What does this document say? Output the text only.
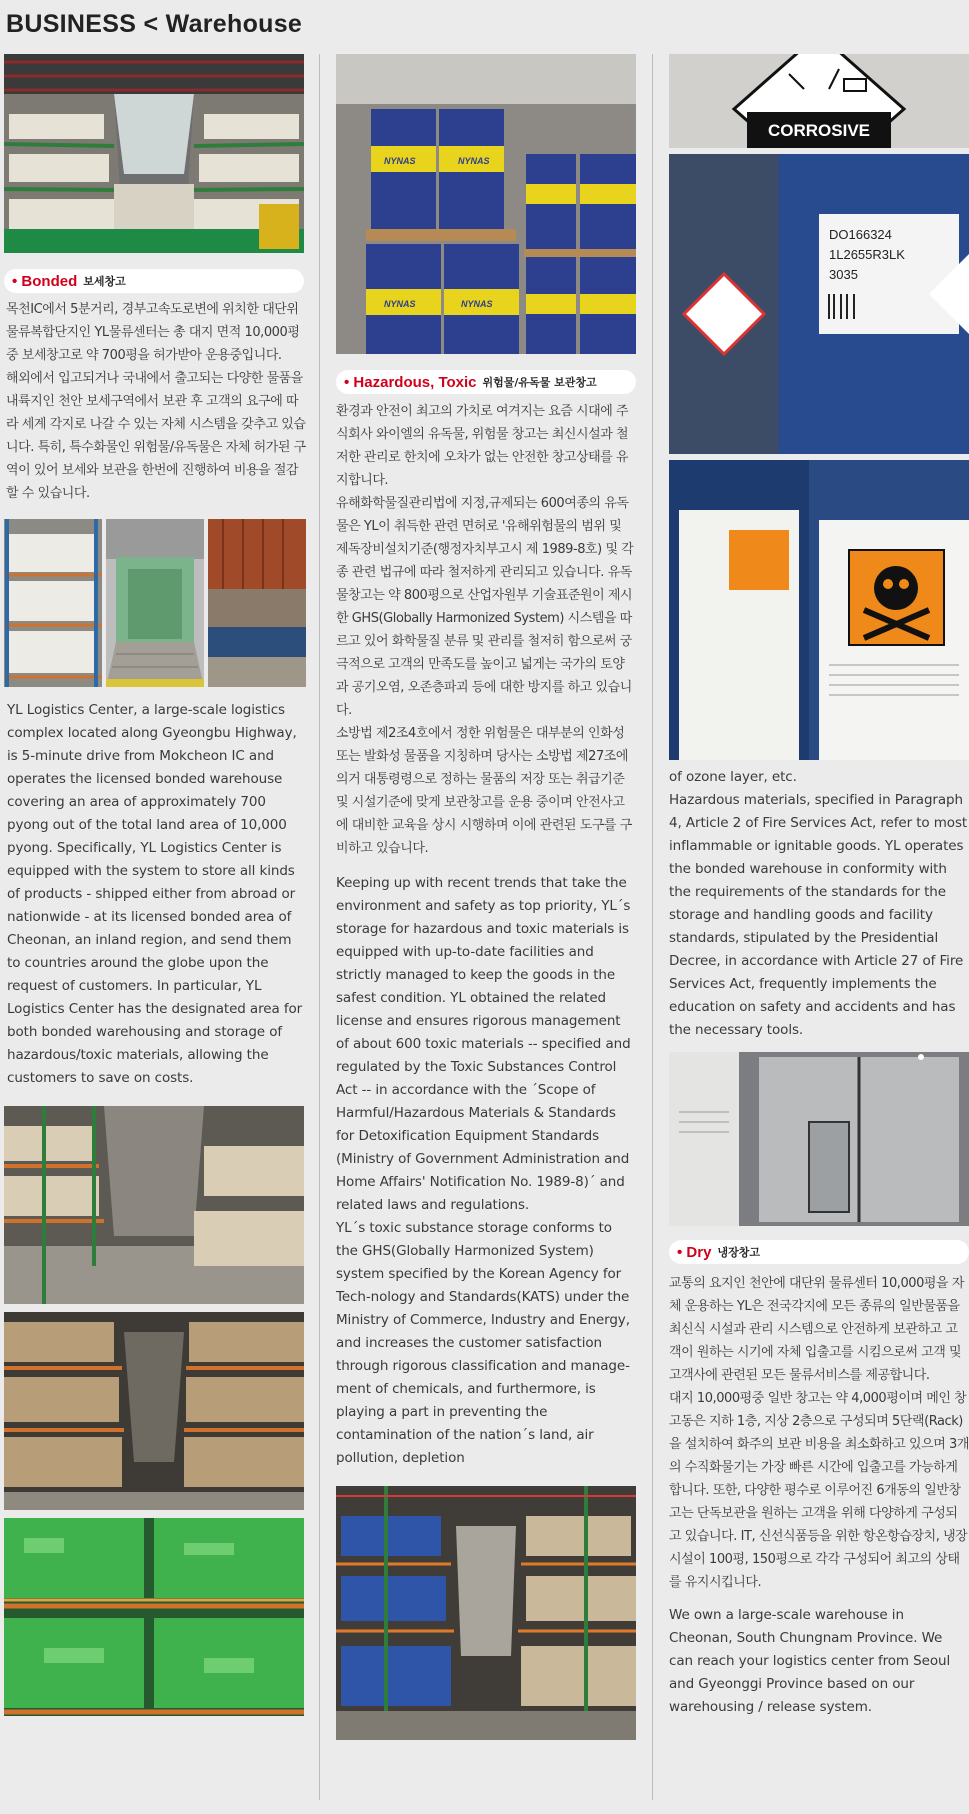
BUSINESS < Warehouse
• Bonded 보세창고

목천IC에서 5분거리, 경부고속도로변에 위치한 대단위 물류복합단지인 YL물류센터는 총 대지 면적 10,000평 중 보세창고로 약 700평을 허가받아 운용중입니다.

해외에서 입고되거나 국내에서 출고되는 다양한 물품을 내륙지인 천안 보세구역에서 보관 후 고객의 요구에 따라 세계 각지로 나갈 수 있는 자체 시스템을 갖추고 있습니다. 특히, 특수화물인 위험물/유독물은 자체 허가된 구역이 있어 보세와 보관을 한번에 진행하여 비용을 절감할 수 있습니다.

YL Logistics Center, a large-scale logistics complex located along Gyeongbu Highway, is 5-minute drive from Mokcheon IC and operates the licensed bonded warehouse covering an area of approximately 700 pyong out of the total land area of 10,000 pyong. Specifically, YL Logistics Center is equipped with the system to store all kinds of products - shipped either from abroad or nationwide - at its licensed bonded area of Cheonan, an inland region, and send them to countries around the globe upon the request of customers. In particular, YL Logistics Center has the designated area for both bonded warehousing and storage of hazardous/toxic materials, allowing the customers to save on costs.

NYNAS	NYNAS
NYNAS	NYNAS
• Hazardous, Toxic 위험물/유독물 보관창고

환경과 안전이 최고의 가치로 여겨지는 요즘 시대에 주식회사 와이엘의 유독물, 위험물 창고는 최신시설과 철저한 관리로 한치에 오차가 없는 안전한 창고상태를 유지합니다.

유해화학물질관리법에 지정,규제되는 600여종의 유독물은 YL이 취득한 관련 면허로 '유해위험물의 범위 및 제독장비설치기준(행정자치부고시 제 1989-8호) 및 각종 관련 법규에 따라 철저하게 관리되고 있습니다. 유독물창고는 약 800평으로 산업자원부 기술표준원이 제시한 GHS(Globally Harmonized System) 시스템을 따르고 있어 화학물질 분류 및 관리를 철저히 함으로써 궁극적으로 고객의 만족도를 높이고 넓게는 국가의 토양과 공기오염, 오존층파괴 등에 대한 방지를 하고 있습니다.

소방법 제2조4호에서 정한 위험물은 대부분의 인화성 또는 발화성 물품을 지칭하며 당사는 소방법 제27조에 의거 대통령령으로 정하는 물품의 저장 또는 취급기준 및 시설기준에 맞게 보관창고를 운용 중이며 안전사고에 대비한 교육을 상시 시행하며 이에 관련된 도구를 구비하고 있습니다.

Keeping up with recent trends that take the environment and safety as top priority, YL´s storage for hazardous and toxic materials is equipped with up-to-date facilities and strictly managed to keep the goods in the safest condition. YL obtained the related license and ensures rigorous management of about 600 toxic materials -- specified and regulated by the Toxic Substances Control Act -- in accordance with the ´Scope of Harmful/Hazardous Materials & Standards for Detoxification Equipment Standards (Ministry of Government Administration and Home Affairs' Notification No. 1989-8)´ and related laws and regulations.

YL´s toxic substance storage conforms to the GHS(Globally Harmonized System) system specified by the Korean Agency for Tech-nology and Standards(KATS) under the Ministry of Commerce, Industry and Energy, and increases the customer satisfaction through rigorous classification and manage-ment of chemicals, and furthermore, is playing a part in preventing the contamination of the nation´s land, air pollution, depletion

CORROSIVE
DO166324
1L2655R3LK
3035

of ozone layer, etc.

Hazardous materials, specified in Paragraph 4, Article 2 of Fire Services Act, refer to most inflammable or ignitable goods. YL operates the bonded warehouse in conformity with the requirements of the standards for the storage and handling goods and facility standards, stipulated by the Presidential Decree, in accordance with Article 27 of Fire Services Act, frequently implements the education on safety and accidents and has the necessary tools.

• Dry 냉장창고

교통의 요지인 천안에 대단위 물류센터 10,000평을 자체 운용하는 YL은 전국각지에 모든 종류의 일반물품을 최신식 시설과 관리 시스템으로 안전하게 보관하고 고객이 원하는 시기에 자체 입출고를 시킴으로써 고객 및 고객사에 관련된 모든 물류서비스를 제공합니다.

대지 10,000평중 일반 창고는 약 4,000평이며 메인 창고동은 지하 1층, 지상 2층으로 구성되며 5단랙(Rack)을 설치하여 화주의 보관 비용을 최소화하고 있으며 3개의 수직화물기는 가장 빠른 시간에 입출고를 가능하게 합니다. 또한, 다양한 평수로 이루어진 6개동의 일반창고는 단독보관을 원하는 고객을 위해 다양하게 구성되고 있습니다. IT, 신선식품등을 위한 항온항습장치, 냉장시설이 100평, 150평으로 각각 구성되어 최고의 상태를 유지시킵니다.

We own a large-scale warehouse in Cheonan, South Chungnam Province. We can reach your logistics center from Seoul and Gyeonggi Province based on our warehousing / release system.
